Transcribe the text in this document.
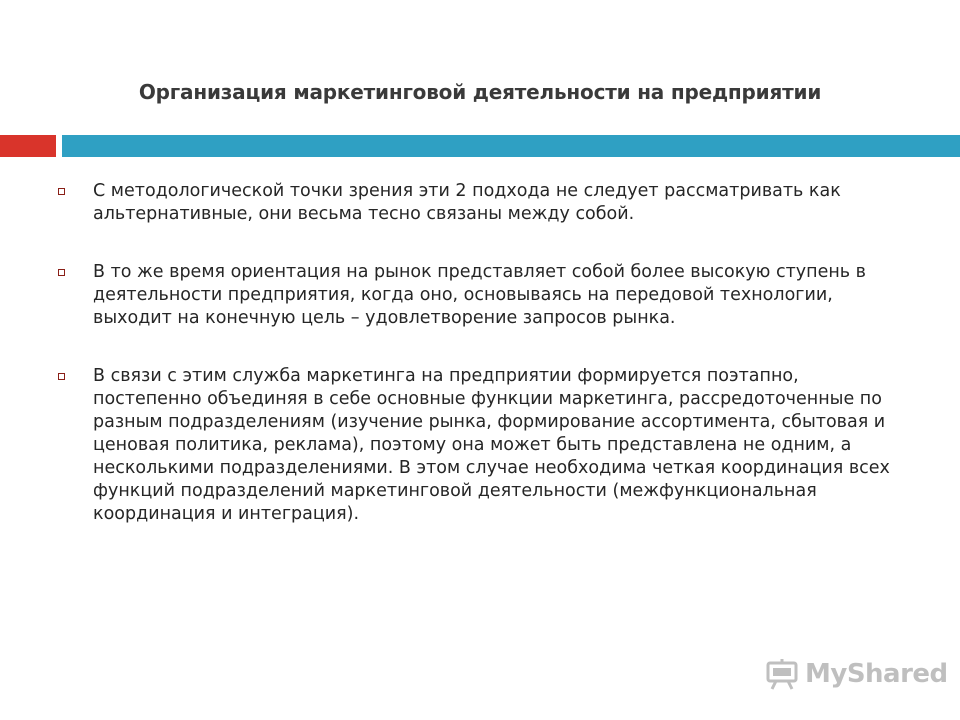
Организация маркетинговой деятельности на предприятии
С методологической точки зрения эти 2 подхода не следует рассматривать как альтернативные, они весьма тесно связаны между собой.
В то же время ориентация на рынок представляет собой более высокую ступень в деятельности предприятия, когда оно, основываясь на передовой технологии, выходит на конечную цель – удовлетворение запросов рынка.
В связи с этим служба маркетинга на предприятии формируется поэтапно, постепенно объединяя в себе основные функции маркетинга, рассредоточенные по разным подразделениям (изучение рынка, формирование ассортимента, сбытовая и ценовая политика, реклама), поэтому она может быть представлена не одним, а несколькими подразделениями. В этом случае необходима четкая координация всех функций подразделений маркетинговой деятельности (межфункциональная координация и интеграция).
MyShared
